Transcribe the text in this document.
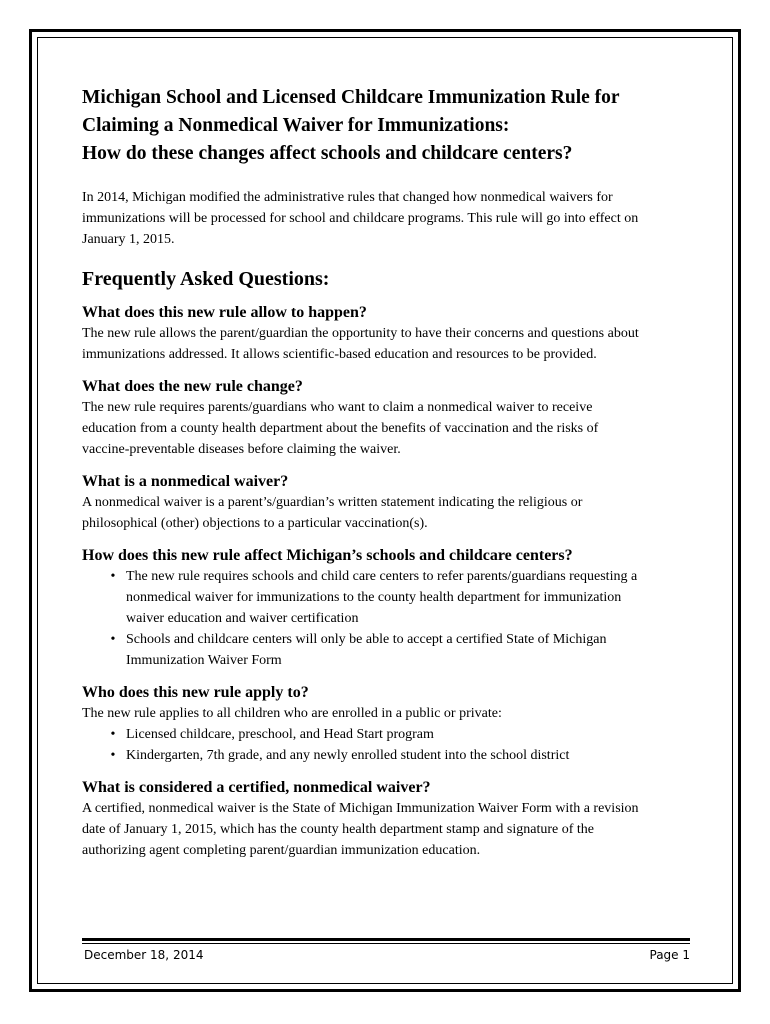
Michigan School and Licensed Childcare Immunization Rule for
Claiming a Nonmedical Waiver for Immunizations:
How do these changes affect schools and childcare centers?

In 2014, Michigan modified the administrative rules that changed how nonmedical waivers for
immunizations will be processed for school and childcare programs. This rule will go into effect on
January 1, 2015.

Frequently Asked Questions:
What does this new rule allow to happen?

The new rule allows the parent/guardian the opportunity to have their concerns and questions about
immunizations addressed. It allows scientific-based education and resources to be provided.

What does the new rule change?

The new rule requires parents/guardians who want to claim a nonmedical waiver to receive
education from a county health department about the benefits of vaccination and the risks of
vaccine-preventable diseases before claiming the waiver.

What is a nonmedical waiver?

A nonmedical waiver is a parent’s/guardian’s written statement indicating the religious or
philosophical (other) objections to a particular vaccination(s).

How does this new rule affect Michigan’s schools and childcare centers?
• The new rule requires schools and child care centers to refer parents/guardians requesting a
nonmedical waiver for immunizations to the county health department for immunization
waiver education and waiver certification
• Schools and childcare centers will only be able to accept a certified State of Michigan
Immunization Waiver Form
Who does this new rule apply to?

The new rule applies to all children who are enrolled in a public or private:

• Licensed childcare, preschool, and Head Start program
• Kindergarten, 7th grade, and any newly enrolled student into the school district
What is considered a certified, nonmedical waiver?

A certified, nonmedical waiver is the State of Michigan Immunization Waiver Form with a revision
date of January 1, 2015, which has the county health department stamp and signature of the
authorizing agent completing parent/guardian immunization education.

December 18, 2014	Page 1
